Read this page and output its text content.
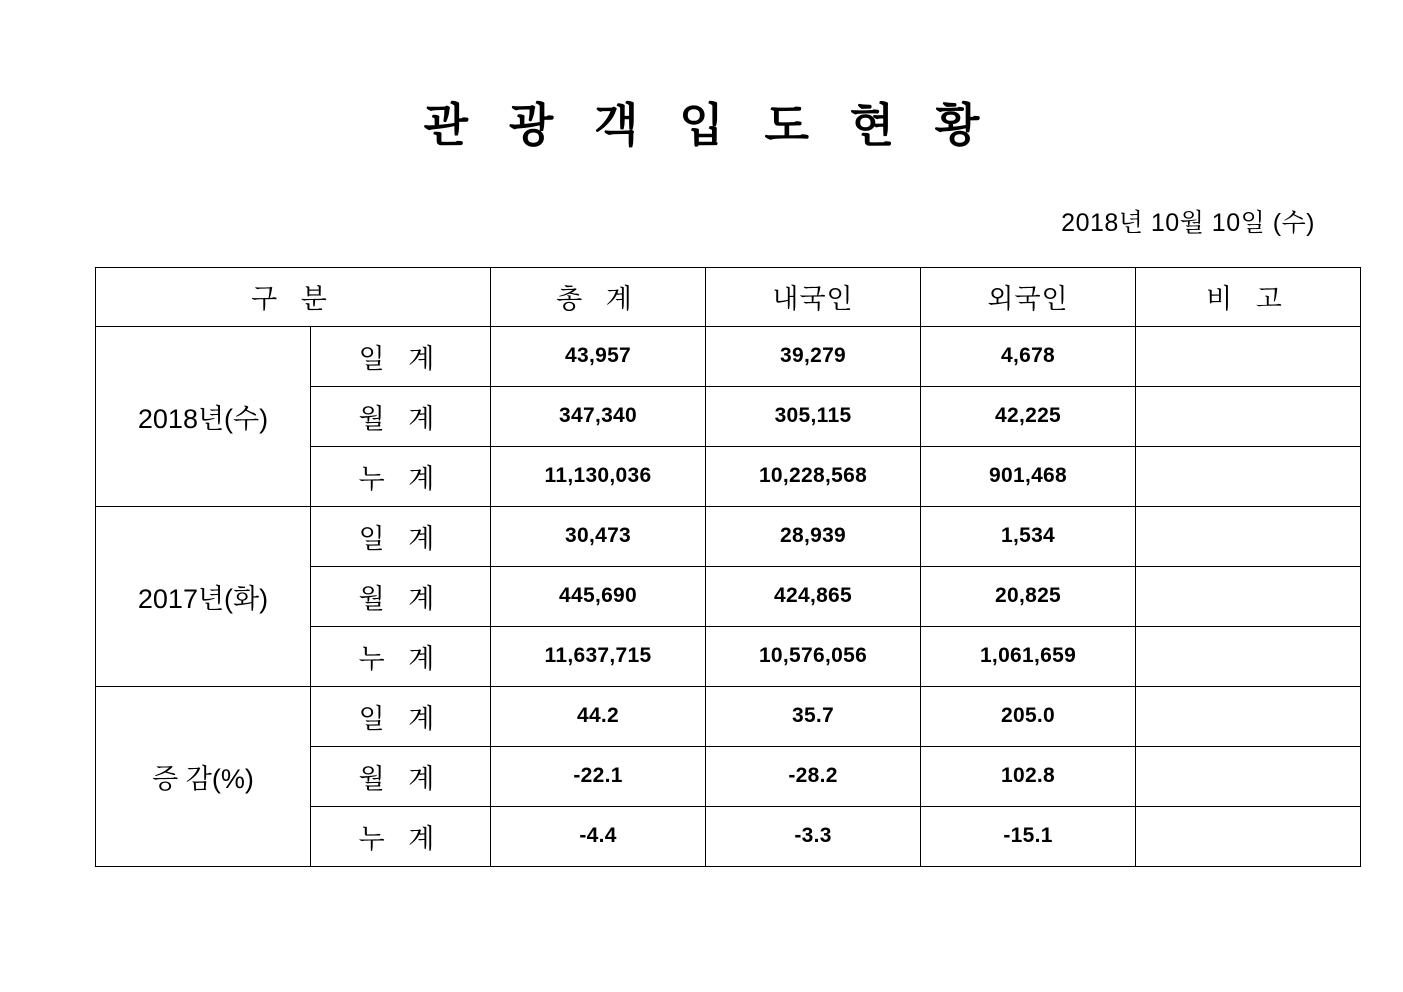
관 광 객 입 도 현 황
2018년 10월 10일 (수)
구 분		총 계	내국인	외국인	비 고
2018년(수)	일 계	43,957	39,279	4,678	
	월 계	347,340	305,115	42,225	
	누 계	11,130,036	10,228,568	901,468	
2017년(화)	일 계	30,473	28,939	1,534	
	월 계	445,690	424,865	20,825	
	누 계	11,637,715	10,576,056	1,061,659	
증 감(%)	일 계	44.2	35.7	205.0	
	월 계	-22.1	-28.2	102.8	
	누 계	-4.4	-3.3	-15.1	
